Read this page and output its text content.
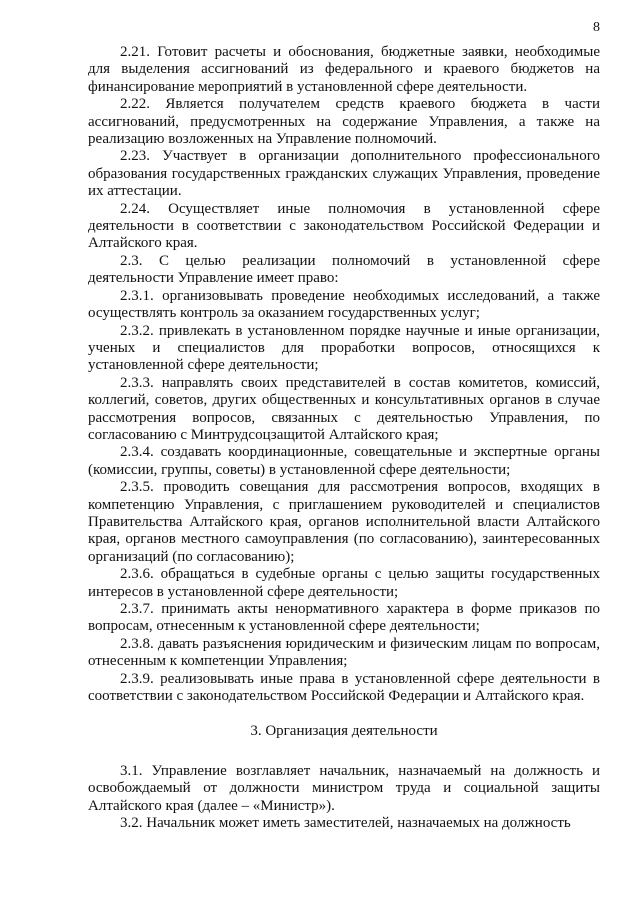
8

2.21. Готовит расчеты и обоснования, бюджетные заявки, необходимые для выделения ассигнований из федерального и краевого бюджетов на финансирование мероприятий в установленной сфере деятельности.

2.22. Является получателем средств краевого бюджета в части ассигнований, предусмотренных на содержание Управления, а также на реализацию возложенных на Управление полномочий.

2.23. Участвует в организации дополнительного профессионального образования государственных гражданских служащих Управления, проведение их аттестации.

2.24. Осуществляет иные полномочия в установленной сфере деятельности в соответствии с законодательством Российской Федерации и Алтайского края.

2.3. С целью реализации полномочий в установленной сфере деятельности Управление имеет право:

2.3.1. организовывать проведение необходимых исследований, а также осуществлять контроль за оказанием государственных услуг;

2.3.2. привлекать в установленном порядке научные и иные организации, ученых и специалистов для проработки вопросов, относящихся к установленной сфере деятельности;

2.3.3. направлять своих представителей в состав комитетов, комиссий, коллегий, советов, других общественных и консультативных органов в случае рассмотрения вопросов, связанных с деятельностью Управления, по согласованию с Минтрудсоцзащитой Алтайского края;

2.3.4. создавать координационные, совещательные и экспертные органы (комиссии, группы, советы) в установленной сфере деятельности;

2.3.5. проводить совещания для рассмотрения вопросов, входящих в компетенцию Управления, с приглашением руководителей и специалистов Правительства Алтайского края, органов исполнительной власти Алтайского края, органов местного самоуправления (по согласованию), заинтересованных организаций (по согласованию);

2.3.6. обращаться в судебные органы с целью защиты государственных интересов в установленной сфере деятельности;

2.3.7. принимать акты ненормативного характера в форме приказов по вопросам, отнесенным к установленной сфере деятельности;

2.3.8. давать разъяснения юридическим и физическим лицам по вопросам, отнесенным к компетенции Управления;

2.3.9. реализовывать иные права в установленной сфере деятельности в соответствии с законодательством Российской Федерации и Алтайского края.

3. Организация деятельности

3.1. Управление возглавляет начальник, назначаемый на должность и освобождаемый от должности министром труда и социальной защиты Алтайского края (далее – «Министр»).

3.2. Начальник может иметь заместителей, назначаемых на должность
